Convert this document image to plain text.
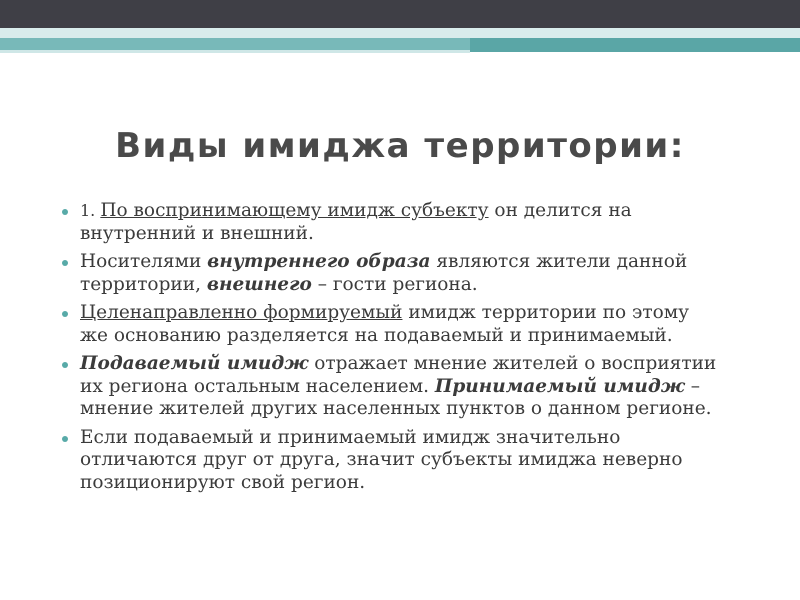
Виды имиджа территории:
1. По воспринимающему имидж субъекту он делится на внутренний и внешний.
Носителями внутреннего образа являются жители данной территории, внешнего – гости региона.
Целенаправленно формируемый имидж территории по этому же основанию разделяется на подаваемый и принимаемый.
Подаваемый имидж отражает мнение жителей о восприятии их региона остальным населением. Принимаемый имидж – мнение жителей других населенных пунктов о данном регионе.
Если подаваемый и принимаемый имидж значительно отличаются друг от друга, значит субъекты имиджа неверно позиционируют свой регион.
